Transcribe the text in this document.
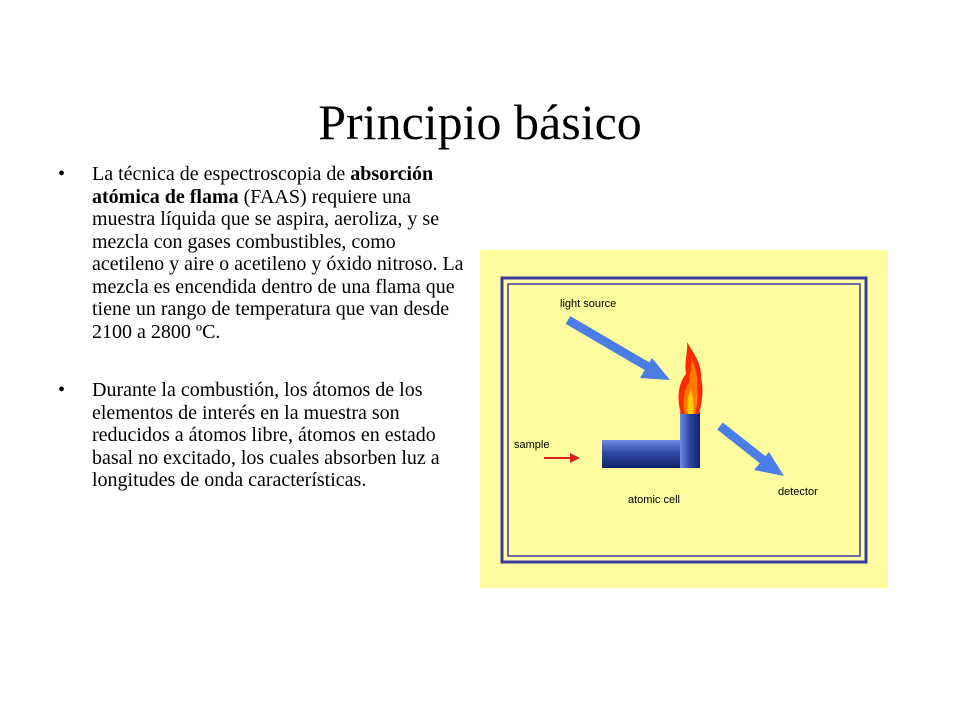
Principio básico
•	La técnica de espectroscopia de absorción atómica de flama (FAAS) requiere una muestra líquida que se aspira, aeroliza, y se mezcla con gases combustibles, como acetileno y aire o acetileno y óxido nitroso. La mezcla es encendida dentro de una flama que tiene un rango de temperatura que van desde 2100 a 2800 ºC.
•	Durante la combustión, los átomos de los elementos de interés en la muestra son reducidos a átomos libre, átomos en estado basal no excitado, los cuales absorben luz a longitudes de onda características.
light source
sample
atomic cell
detector
